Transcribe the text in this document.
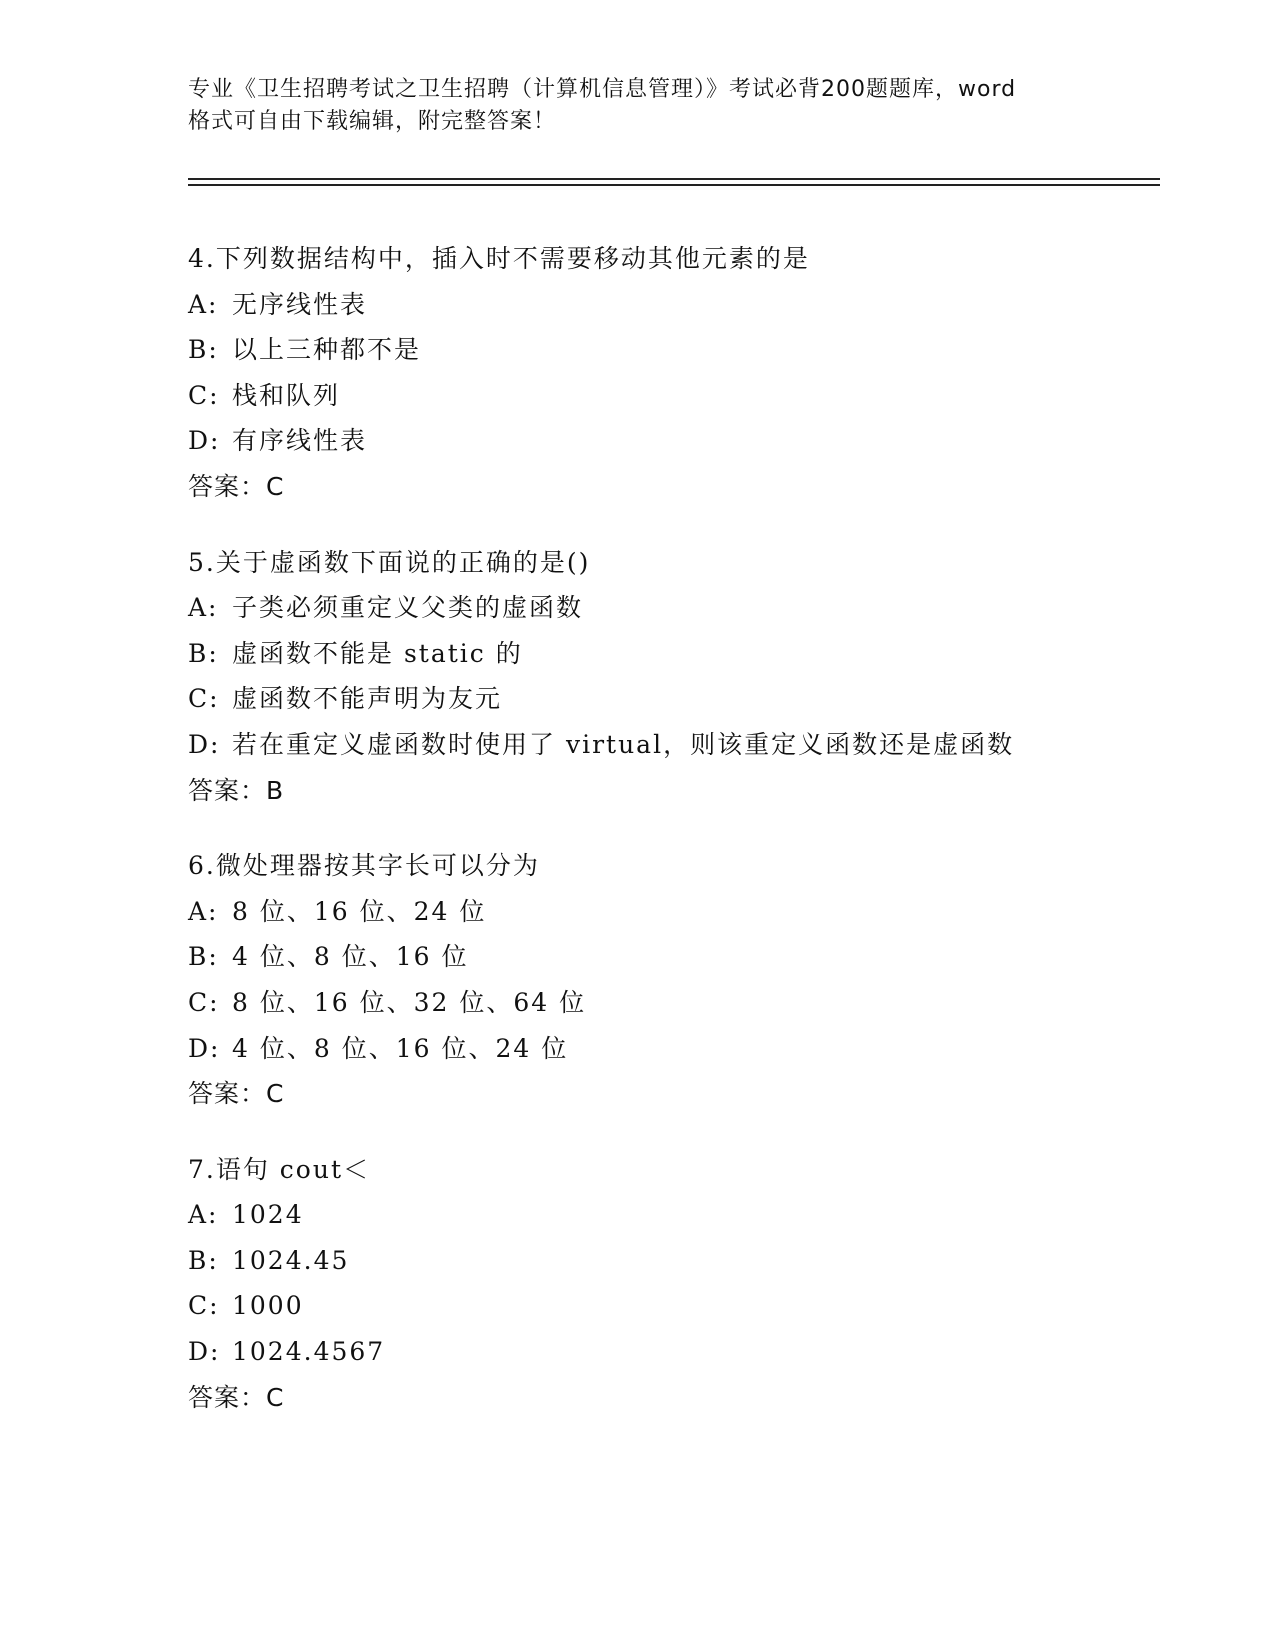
专业《卫生招聘考试之卫生招聘（计算机信息管理）》考试必背200题题库，word
格式可自由下载编辑，附完整答案！
4.下列数据结构中，插入时不需要移动其他元素的是
A: 无序线性表
B: 以上三种都不是
C: 栈和队列
D: 有序线性表
答案：C
5.关于虚函数下面说的正确的是()
A: 子类必须重定义父类的虚函数
B: 虚函数不能是 static 的
C: 虚函数不能声明为友元
D: 若在重定义虚函数时使用了 virtual，则该重定义函数还是虚函数
答案：B
6.微处理器按其字长可以分为
A: 8 位、16 位、24 位
B: 4 位、8 位、16 位
C: 8 位、16 位、32 位、64 位
D: 4 位、8 位、16 位、24 位
答案：C
7.语句 cout＜
A: 1024
B: 1024.45
C: 1000
D: 1024.4567
答案：C
